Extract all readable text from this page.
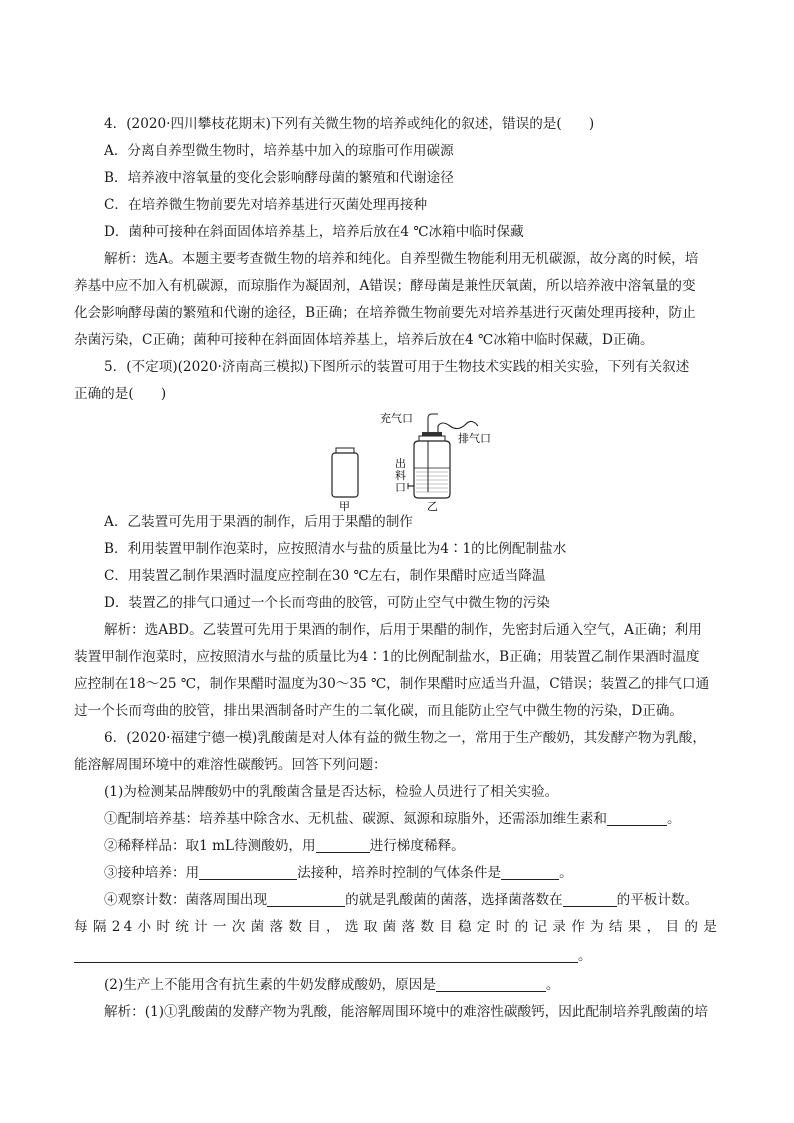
4．(2020·四川攀枝花期末)下列有关微生物的培养或纯化的叙述，错误的是(　　)
A．分离自养型微生物时，培养基中加入的琼脂可作用碳源
B．培养液中溶氧量的变化会影响酵母菌的繁殖和代谢途径
C．在培养微生物前要先对培养基进行灭菌处理再接种
D．菌种可接种在斜面固体培养基上，培养后放在4 ℃冰箱中临时保藏
解析：选A。本题主要考查微生物的培养和纯化。自养型微生物能利用无机碳源，故分离的时候，培
养基中应不加入有机碳源，而琼脂作为凝固剂，A错误；酵母菌是兼性厌氧菌，所以培养液中溶氧量的变
化会影响酵母菌的繁殖和代谢的途径，B正确；在培养微生物前要先对培养基进行灭菌处理再接种，防止
杂菌污染，C正确；菌种可接种在斜面固体培养基上，培养后放在4 ℃冰箱中临时保藏，D正确。
5．(不定项)(2020·济南高三模拟)下图所示的装置可用于生物技术实践的相关实验，下列有关叙述
正确的是(　　)
甲
充气口
排气口
出
料
口
乙
A．乙装置可先用于果酒的制作，后用于果醋的制作
B．利用装置甲制作泡菜时，应按照清水与盐的质量比为4∶1的比例配制盐水
C．用装置乙制作果酒时温度应控制在30 ℃左右，制作果醋时应适当降温
D．装置乙的排气口通过一个长而弯曲的胶管，可防止空气中微生物的污染
解析：选ABD。乙装置可先用于果酒的制作，后用于果醋的制作，先密封后通入空气，A正确；利用
装置甲制作泡菜时，应按照清水与盐的质量比为4∶1的比例配制盐水，B正确；用装置乙制作果酒时温度
应控制在18～25 ℃，制作果醋时温度为30～35 ℃，制作果醋时应适当升温，C错误；装置乙的排气口通
过一个长而弯曲的胶管，排出果酒制备时产生的二氧化碳，而且能防止空气中微生物的污染，D正确。
6．(2020·福建宁德一模)乳酸菌是对人体有益的微生物之一，常用于生产酸奶，其发酵产物为乳酸，
能溶解周围环境中的难溶性碳酸钙。回答下列问题：
(1)为检测某品牌酸奶中的乳酸菌含量是否达标，检验人员进行了相关实验。
①配制培养基：培养基中除含水、无机盐、碳源、氮源和琼脂外，还需添加维生素和	。
②稀释样品：取1 mL待测酸奶，用	进行梯度稀释。
③接种培养：用	法接种，培养时控制的气体条件是	。
④观察计数：菌落周围出现	的就是乳酸菌的菌落，选择菌落数在	的平板计数。
每隔24小时统计一次菌落数目，选取菌落数目稳定时的记录作为结果，目的是
。
(2)生产上不能用含有抗生素的牛奶发酵成酸奶，原因是	。
解析：(1)①乳酸菌的发酵产物为乳酸，能溶解周围环境中的难溶性碳酸钙，因此配制培养乳酸菌的培
